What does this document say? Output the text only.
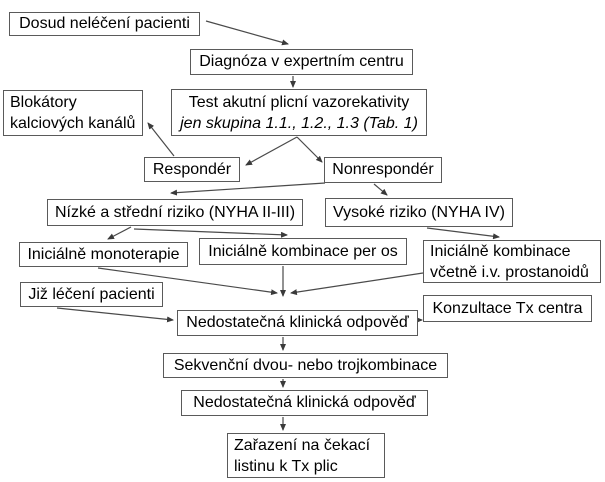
Dosud neléčení pacienti
Diagnóza v expertním centru
Test akutní plicní vazorekativity
jen skupina 1.1., 1.2., 1.3 (Tab. 1)
Blokátory
kalciových kanálů
Respondér	Nonrespondér
Nízké a střední riziko (NYHA II-III) Vysoké riziko (NYHA IV)
Iniciálně monoterapie Iniciálně kombinace per os Iniciálně kombinace
včetně i.v. prostanoidů
Již léčení pacienti
Nedostatečná klinická odpověď
Konzultace Tx centra
Sekvenční dvou- nebo trojkombinace
Nedostatečná klinická odpověď
Zařazení na čekací
listinu k Tx plic
